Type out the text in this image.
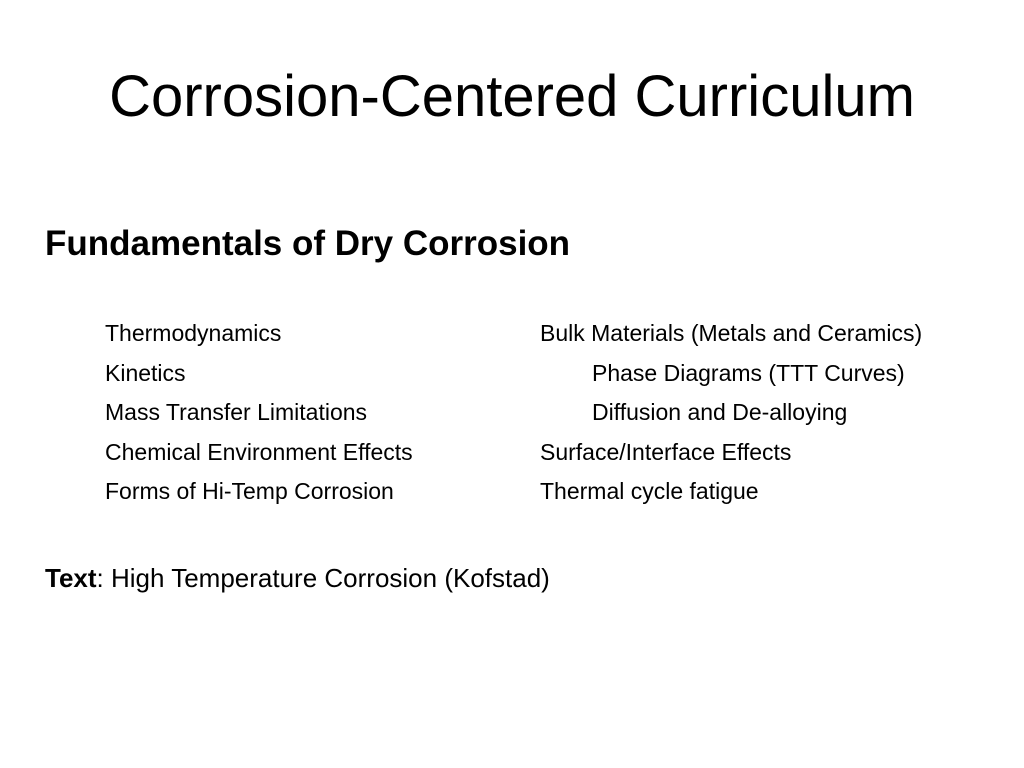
Corrosion-Centered Curriculum
Fundamentals of Dry Corrosion
Thermodynamics
Kinetics
Mass Transfer Limitations
Chemical Environment Effects
Forms of Hi-Temp Corrosion
Bulk Materials (Metals and Ceramics)
Phase Diagrams (TTT Curves)
Diffusion and De-alloying
Surface/Interface Effects
Thermal cycle fatigue
Text: High Temperature Corrosion (Kofstad)
